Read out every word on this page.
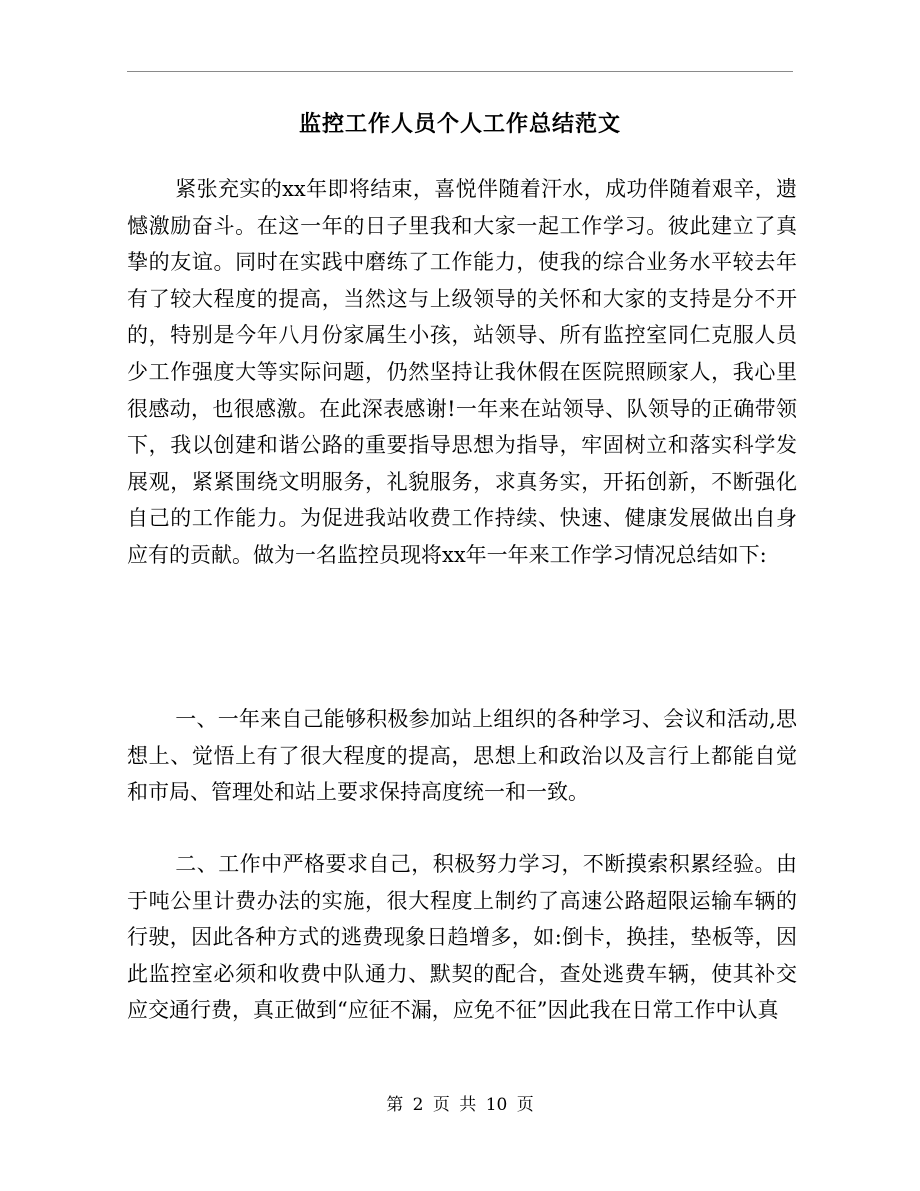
监控工作人员个人工作总结范文

紧张充实的xx年即将结束，喜悦伴随着汗水，成功伴随着艰辛，遗憾激励奋斗。在这一年的日子里我和大家一起工作学习。彼此建立了真挚的友谊。同时在实践中磨练了工作能力，使我的综合业务水平较去年有了较大程度的提高，当然这与上级领导的关怀和大家的支持是分不开的，特别是今年八月份家属生小孩，站领导、所有监控室同仁克服人员少工作强度大等实际问题，仍然坚持让我休假在医院照顾家人，我心里很感动，也很感激。在此深表感谢!一年来在站领导、队领导的正确带领下，我以创建和谐公路的重要指导思想为指导，牢固树立和落实科学发展观，紧紧围绕文明服务，礼貌服务，求真务实，开拓创新，不断强化自己的工作能力。为促进我站收费工作持续、快速、健康发展做出自身应有的贡献。做为一名监控员现将xx年一年来工作学习情况总结如下:

一、一年来自己能够积极参加站上组织的各种学习、会议和活动,思想上、觉悟上有了很大程度的提高，思想上和政治以及言行上都能自觉和市局、管理处和站上要求保持高度统一和一致。

二、工作中严格要求自己，积极努力学习，不断摸索积累经验。由于吨公里计费办法的实施，很大程度上制约了高速公路超限运输车辆的行驶，因此各种方式的逃费现象日趋增多，如:倒卡，换挂，垫板等，因此监控室必须和收费中队通力、默契的配合，查处逃费车辆，使其补交应交通行费，真正做到“应征不漏，应免不征”因此我在日常工作中认真

第 2 页 共 10 页
